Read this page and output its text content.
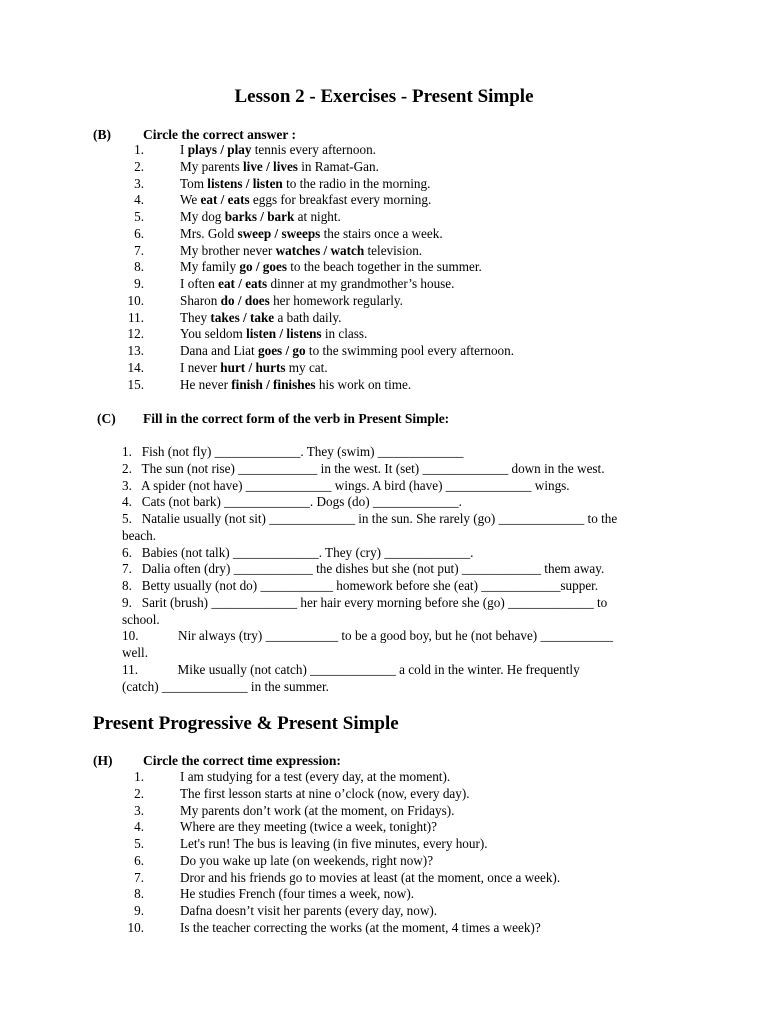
Lesson 2 - Exercises - Present Simple
(B) Circle the correct answer :
1.	I plays / play tennis every afternoon.
2.	My parents live / lives in Ramat-Gan.
3.	Tom listens / listen to the radio in the morning.
4.	We eat / eats eggs for breakfast every morning.
5.	My dog barks / bark at night.
6.	Mrs. Gold sweep / sweeps the stairs once a week.
7.	My brother never watches / watch television.
8.	My family go / goes to the beach together in the summer.
9.	I often eat / eats dinner at my grandmother’s house.
10.	Sharon do / does her homework regularly.
11.	They takes / take a bath daily.
12.	You seldom listen / listens in class.
13.	Dana and Liat goes / go to the swimming pool every afternoon.
14.	I never hurt / hurts my cat.
15.	He never finish / finishes his work on time.
(C) Fill in the correct form of the verb in Present Simple:
1.   Fish (not fly) _____________. They (swim) _____________
2.   The sun (not rise) ____________ in the west. It (set) _____________ down in the west.
3.   A spider (not have) _____________ wings. A bird (have) _____________ wings.
4.   Cats (not bark) _____________. Dogs (do) _____________.
5.   Natalie usually (not sit) _____________ in the sun. She rarely (go) _____________ to the
beach.
6.   Babies (not talk) _____________. They (cry) _____________.
7.   Dalia often (dry) ____________ the dishes but she (not put) ____________ them away.
8.   Betty usually (not do) ___________ homework before she (eat) ____________supper.
9.   Sarit (brush) _____________ her hair every morning before she (go) _____________ to
school.
10.            Nir always (try) ___________ to be a good boy, but he (not behave) ___________
well.
11.            Mike usually (not catch) _____________ a cold in the winter. He frequently
(catch) _____________ in the summer.
Present Progressive & Present Simple
(H) Circle the correct time expression:
1.	I am studying for a test (every day, at the moment).
2.	The first lesson starts at nine o’clock (now, every day).
3.	My parents don’t work (at the moment, on Fridays).
4.	Where are they meeting (twice a week, tonight)?
5.	Let's run! The bus is leaving (in five minutes, every hour).
6.	Do you wake up late (on weekends, right now)?
7.	Dror and his friends go to movies at least (at the moment, once a week).
8.	He studies French (four times a week, now).
9.	Dafna doesn’t visit her parents (every day, now).
10.	Is the teacher correcting the works (at the moment, 4 times a week)?
